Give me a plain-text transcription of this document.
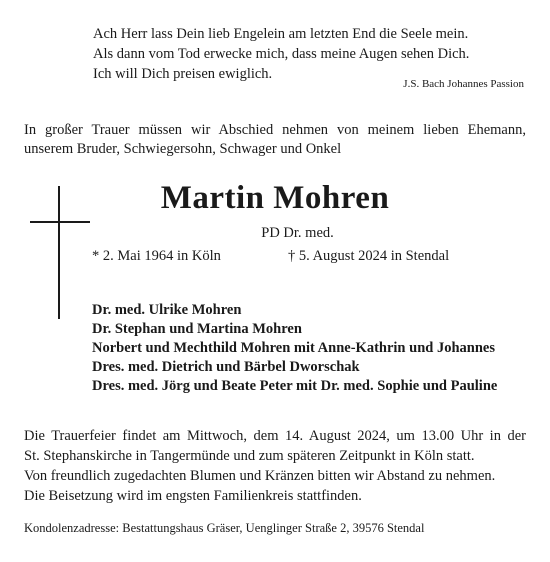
Ach Herr lass Dein lieb Engelein am letzten End die Seele mein.
Als dann vom Tod erwecke mich, dass meine Augen sehen Dich.
Ich will Dich preisen ewiglich.
J.S. Bach Johannes Passion
In großer Trauer müssen wir Abschied nehmen von meinem lieben Ehemann,
unserem Bruder, Schwiegersohn, Schwager und Onkel
Martin Mohren
PD Dr. med.
* 2. Mai 1964 in Köln	† 5. August 2024 in Stendal
Dr. med. Ulrike Mohren
Dr. Stephan und Martina Mohren
Norbert und Mechthild Mohren mit Anne-Kathrin und Johannes
Dres. med. Dietrich und Bärbel Dworschak
Dres. med. Jörg und Beate Peter mit Dr. med. Sophie und Pauline
Die Trauerfeier findet am Mittwoch, dem 14. August 2024, um 13.00 Uhr in der
St. Stephanskirche in Tangermünde und zum späteren Zeitpunkt in Köln statt.
Von freundlich zugedachten Blumen und Kränzen bitten wir Abstand zu nehmen.
Die Beisetzung wird im engsten Familienkreis stattfinden.
Kondolenzadresse: Bestattungshaus Gräser, Uenglinger Straße 2, 39576 Stendal
